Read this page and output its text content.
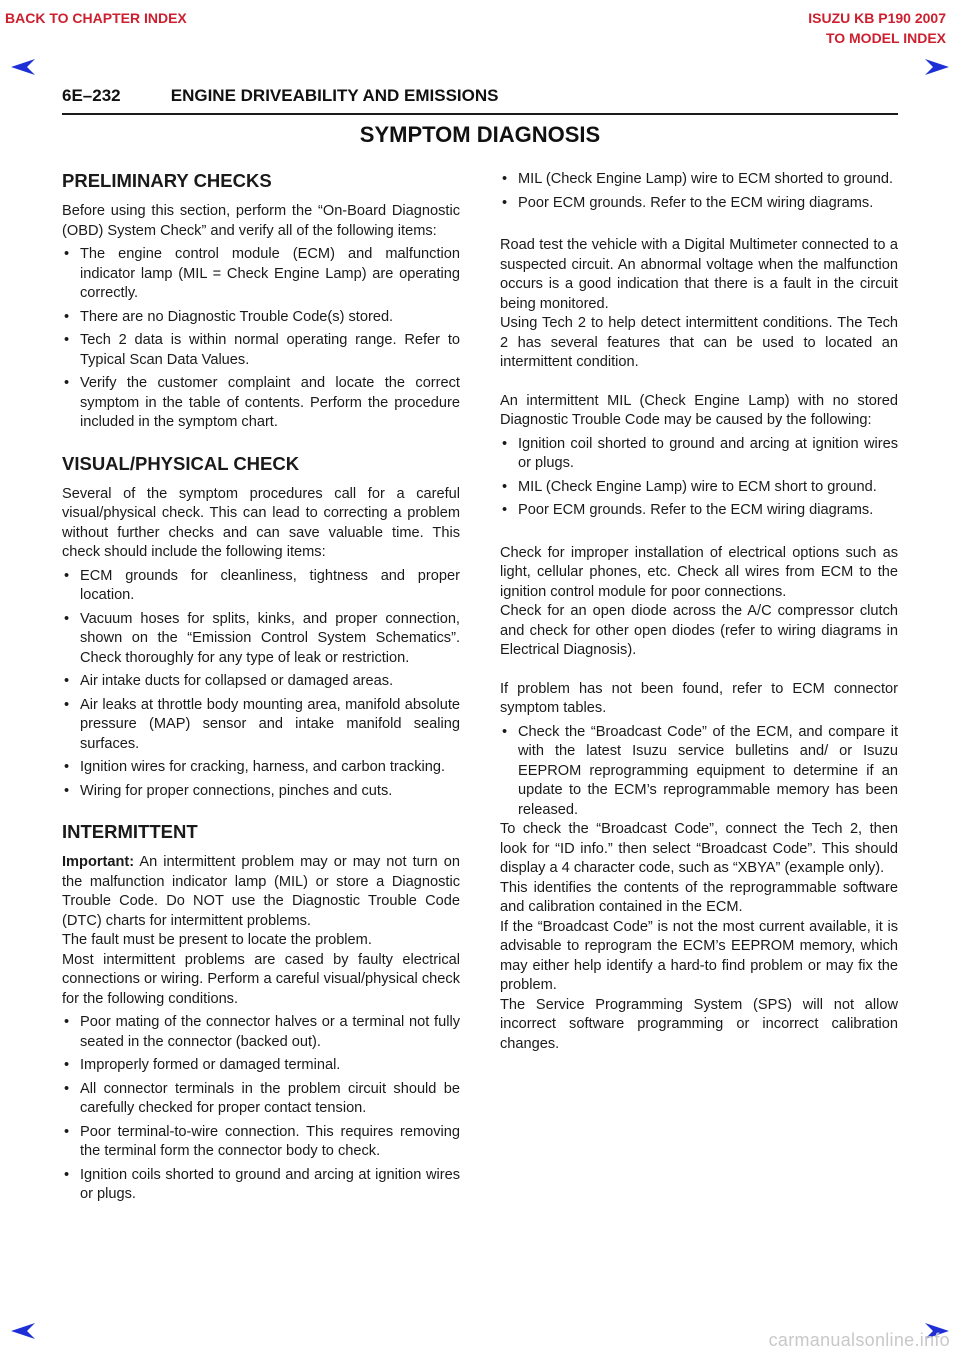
BACK TO CHAPTER INDEX	ISUZU KB P190 2007
TO MODEL INDEX
6E–232	ENGINE DRIVEABILITY AND EMISSIONS
SYMPTOM DIAGNOSIS
PRELIMINARY CHECKS

Before using this section, perform the “On-Board Diagnostic (OBD) System Check” and verify all of the following items:

• The engine control module (ECM) and malfunction indicator lamp (MIL = Check Engine Lamp) are operating correctly.
• There are no Diagnostic Trouble Code(s) stored.
• Tech 2 data is within normal operating range. Refer to Typical Scan Data Values.
• Verify the customer complaint and locate the correct symptom in the table of contents. Perform the procedure included in the symptom chart.
VISUAL/PHYSICAL CHECK

Several of the symptom procedures call for a careful visual/physical check. This can lead to correcting a problem without further checks and can save valuable time. This check should include the following items:

• ECM grounds for cleanliness, tightness and proper location.
• Vacuum hoses for splits, kinks, and proper connection, shown on the “Emission Control System Schematics”. Check thoroughly for any type of leak or restriction.
• Air intake ducts for collapsed or damaged areas.
• Air leaks at throttle body mounting area, manifold absolute pressure (MAP) sensor and intake manifold sealing surfaces.
• Ignition wires for cracking, harness, and carbon tracking.
• Wiring for proper connections, pinches and cuts.
INTERMITTENT

Important: An intermittent problem may or may not turn on the malfunction indicator lamp (MIL) or store a Diagnostic Trouble Code. Do NOT use the Diagnostic Trouble Code (DTC) charts for intermittent problems.

The fault must be present to locate the problem.

Most intermittent problems are cased by faulty electrical connections or wiring. Perform a careful visual/physical check for the following conditions.

• Poor mating of the connector halves or a terminal not fully seated in the connector (backed out).
• Improperly formed or damaged terminal.
• All connector terminals in the problem circuit should be carefully checked for proper contact tension.
• Poor terminal-to-wire connection. This requires removing the terminal form the connector body to check.
• Ignition coils shorted to ground and arcing at ignition wires or plugs.
• MIL (Check Engine Lamp) wire to ECM shorted to ground.
• Poor ECM grounds. Refer to the ECM wiring diagrams.

Road test the vehicle with a Digital Multimeter connected to a suspected circuit. An abnormal voltage when the malfunction occurs is a good indication that there is a fault in the circuit being monitored.

Using Tech 2 to help detect intermittent conditions. The Tech 2 has several features that can be used to located an intermittent condition.

An intermittent MIL (Check Engine Lamp) with no stored Diagnostic Trouble Code may be caused by the following:

• Ignition coil shorted to ground and arcing at ignition wires or plugs.
• MIL (Check Engine Lamp) wire to ECM short to ground.
• Poor ECM grounds. Refer to the ECM wiring diagrams.

Check for improper installation of electrical options such as light, cellular phones, etc. Check all wires from ECM to the ignition control module for poor connections.

Check for an open diode across the A/C compressor clutch and check for other open diodes (refer to wiring diagrams in Electrical Diagnosis).

If problem has not been found, refer to ECM connector symptom tables.

• Check the “Broadcast Code” of the ECM, and compare it with the latest Isuzu service bulletins and/ or Isuzu EEPROM reprogramming equipment to determine if an update to the ECM’s reprogrammable memory has been released.

To check the “Broadcast Code”, connect the Tech 2, then look for “ID info.” then select “Broadcast Code”. This should display a 4 character code, such as “XBYA” (example only).

This identifies the contents of the reprogrammable software and calibration contained in the ECM.

If the “Broadcast Code” is not the most current available, it is advisable to reprogram the ECM’s EEPROM memory, which may either help identify a hard-to find problem or may fix the problem.

The Service Programming System (SPS) will not allow incorrect software programming or incorrect calibration changes.

carmanualsonline.info
